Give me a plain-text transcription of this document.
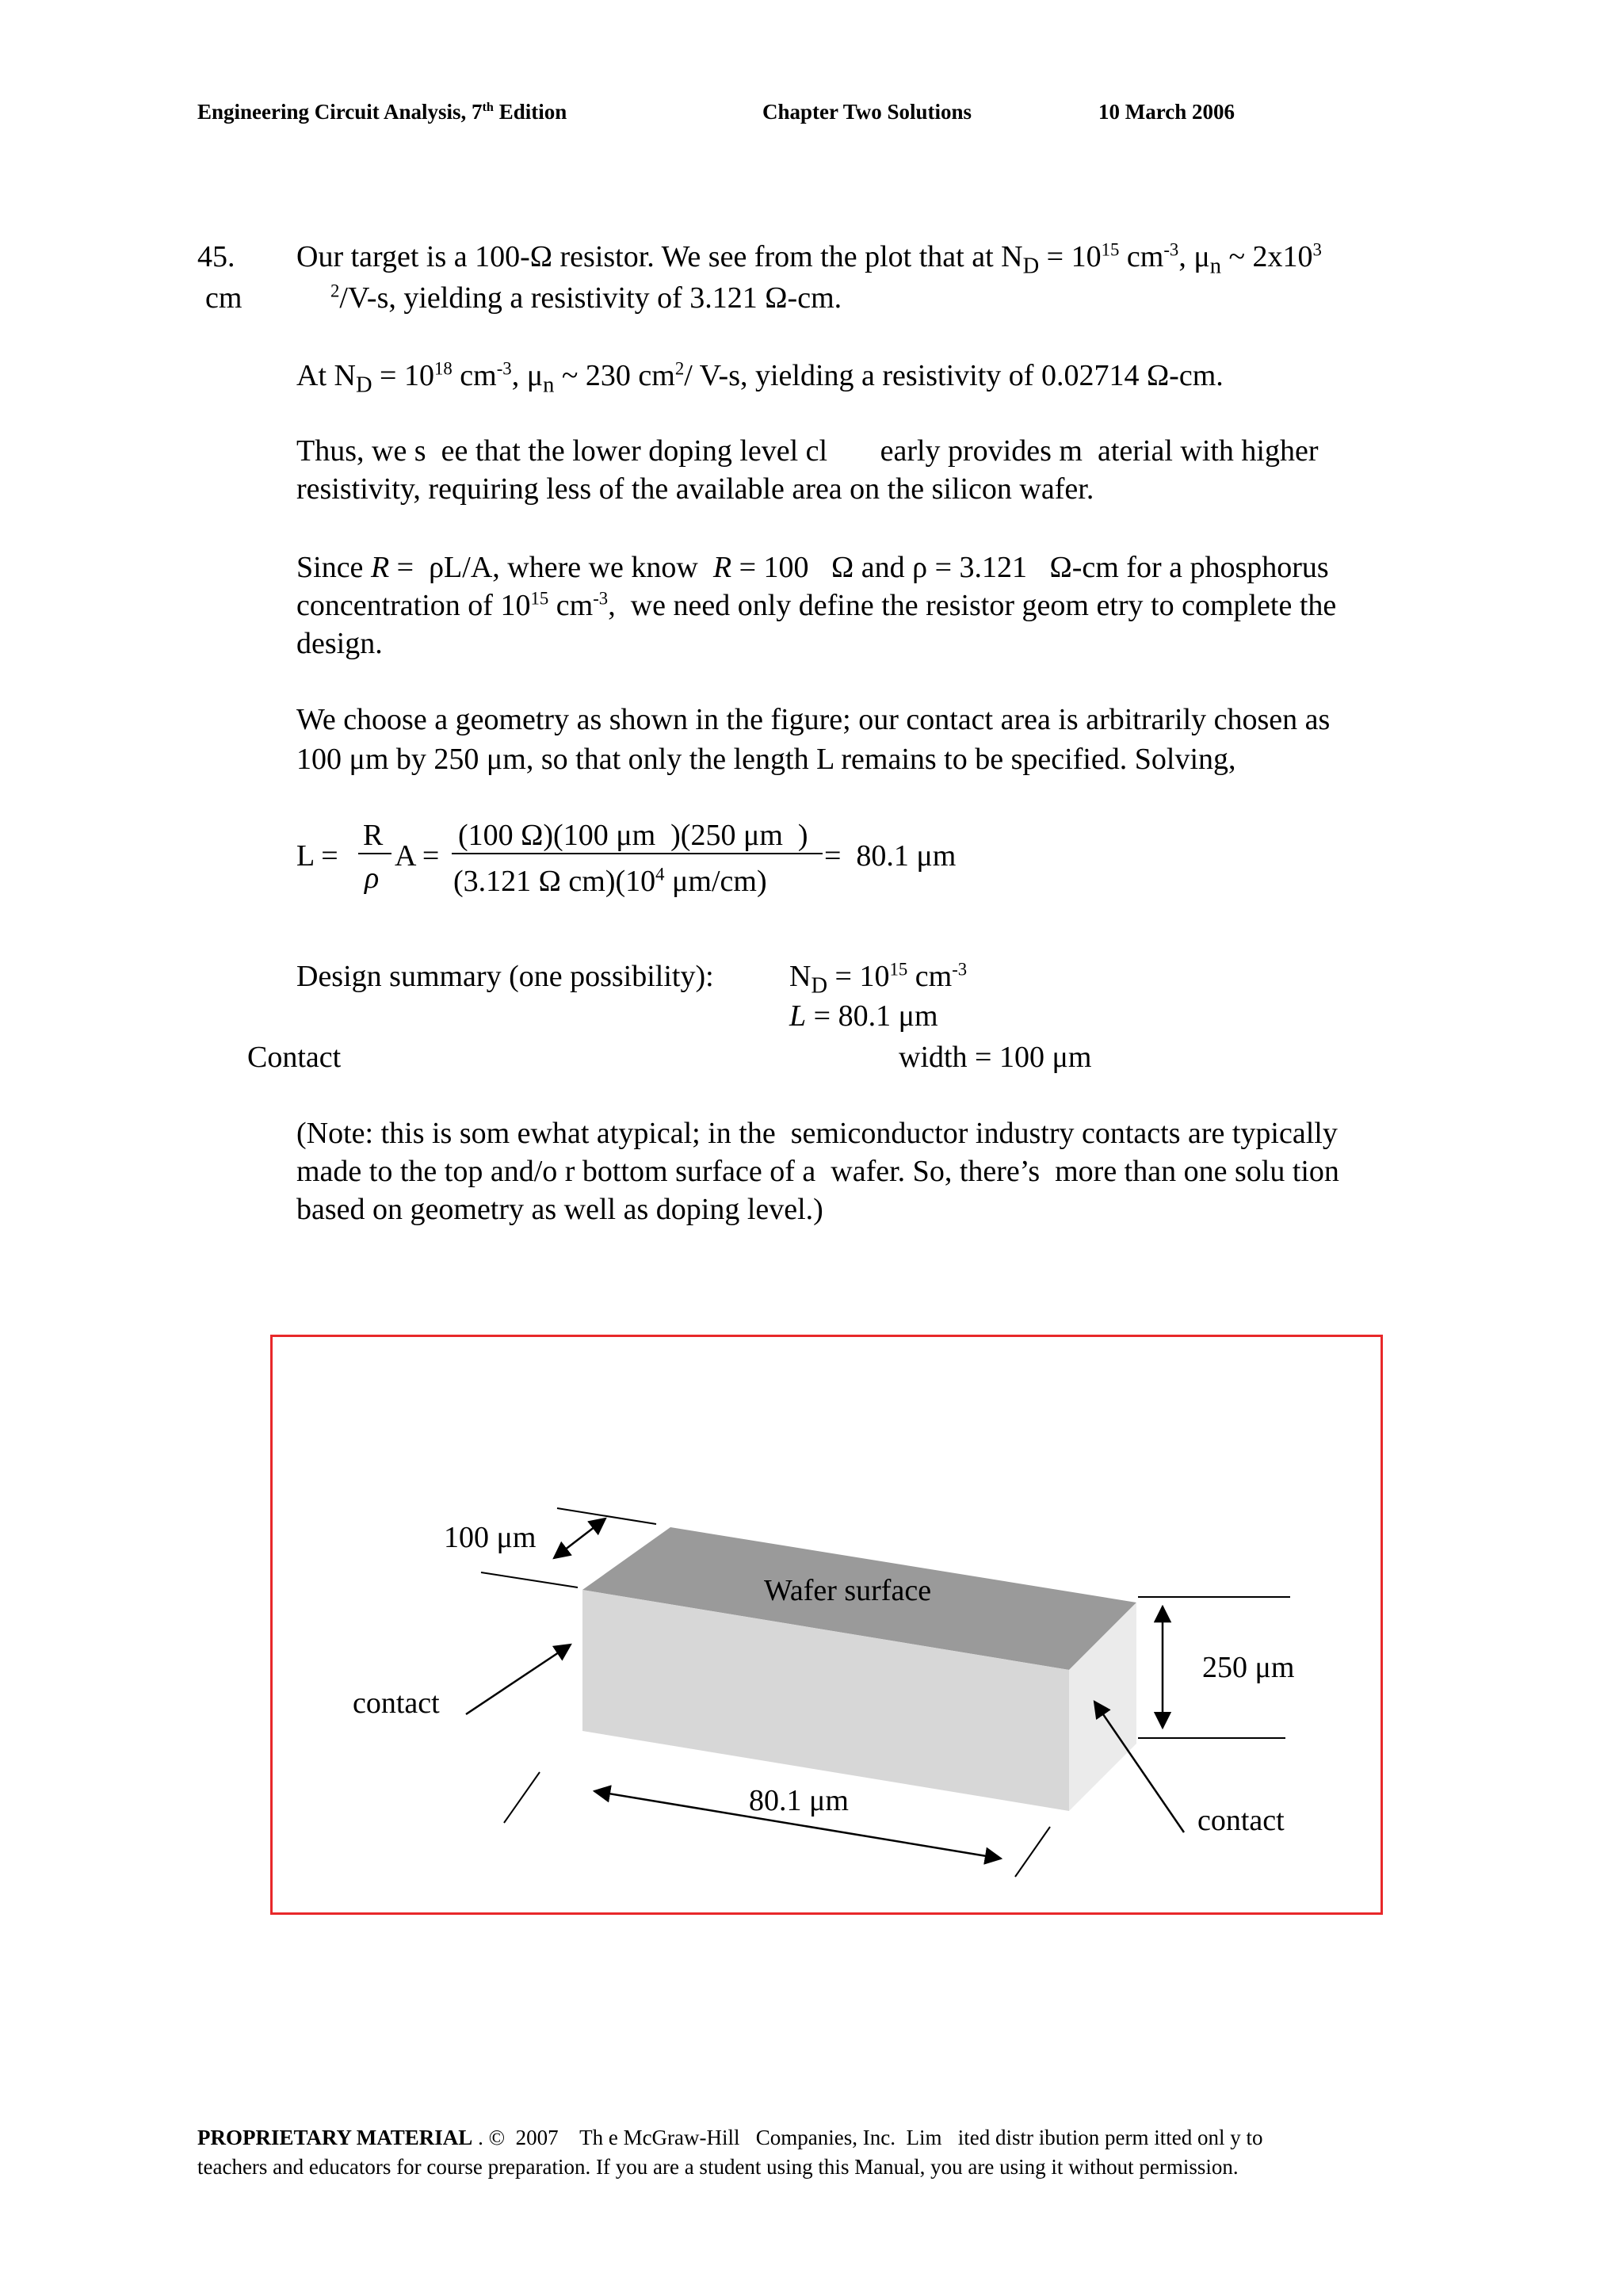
Engineering Circuit Analysis, 7th Edition	Chapter Two Solutions	10 March 2006
45. Our target is a 100-Ω resistor. We see from the plot that at $N_D = 10^{15}$ $cm^{-3}$, $\mu_n$ ~ $2x10^3$
cm	$^2$/V-s, yielding a resistivity of 3.121 Ω-cm.
At $N_D = 10^{18}$ $cm^{-3}$, $\mu_n$ ~ 230 $cm^2/$ V-s, yielding a resistivity of 0.02714 Ω-cm.
Thus, we s  ee that the lower doping level cl       early provides m  aterial with higher
resistivity, requiring less of the available area on the silicon wafer.
Since R =  ρL/A, where we know  R = 100   Ω and ρ = 3.121   Ω-cm for a phosphorus
concentration of $10^{15}$ $cm^{-3}$,  we need only define the resistor geom etry to complete the
design.
We choose a geometry as shown in the figure; our contact area is arbitrarily chosen as
100 μm by 250 μm, so that only the length L remains to be specified. Solving,
L =
R
ρ
A =
(100 Ω)(100 μm  )(250 μm  )
(3.121 Ω $cm)(10^4$ μm/cm)
=  80.1 μm
Design summary (one possibility):	$N_D = 10^{15}$ $cm^{-3}$
L = 80.1 μm
Contact	width = 100 μm
(Note: this is som ewhat atypical; in the  semiconductor industry contacts are typically
made to the top and/o r bottom surface of a  wafer. So, there’s  more than one solu tion
based on geometry as well as doping level.)
100 μm
Wafer surface
250 μm
contact
80.1 μm
contact
PROPRIETARY MATERIAL . ©  2007    Th e McGraw-Hill   Companies, Inc.  Lim   ited distr ibution perm itted onl y to
teachers and educators for course preparation. If you are a student using this Manual, you are using it without permission.
